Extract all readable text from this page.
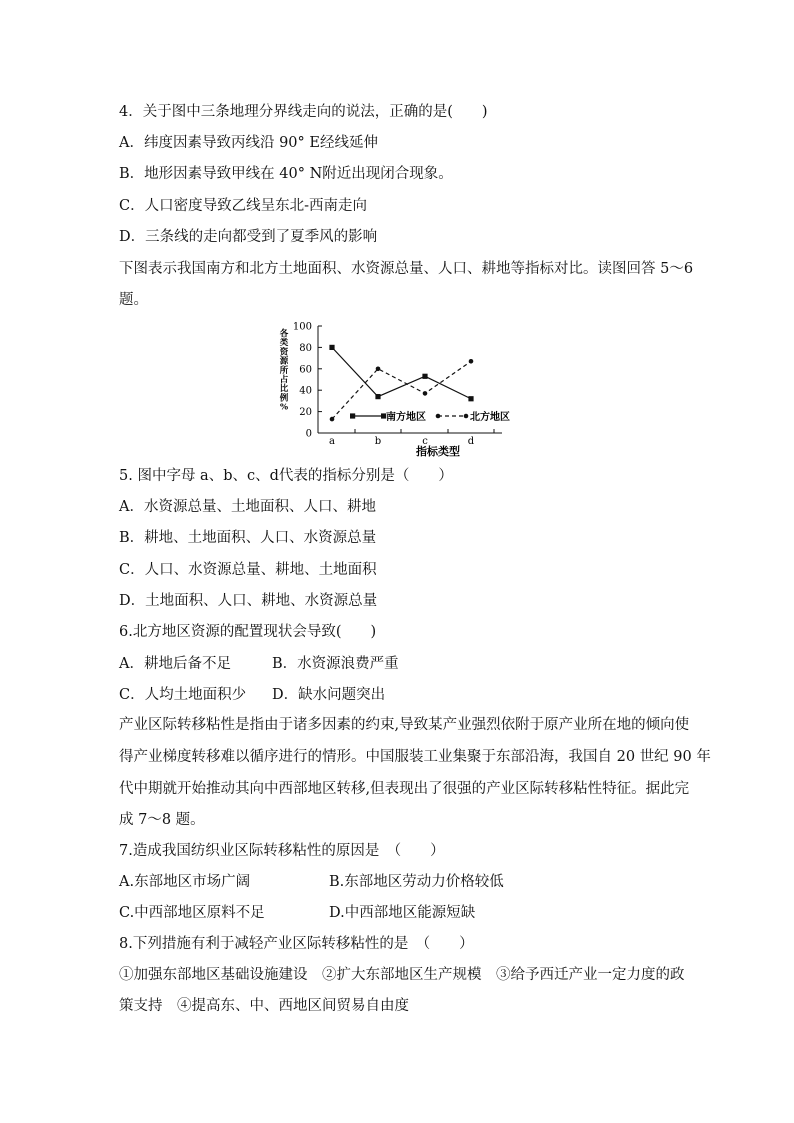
4．关于图中三条地理分界线走向的说法，正确的是(　　)
A．纬度因素导致丙线沿 90° E经线延伸
B．地形因素导致甲线在 40° N附近出现闭合现象。
C．人口密度导致乙线呈东北-西南走向
D．三条线的走向都受到了夏季风的影响
下图表示我国南方和北方土地面积、水资源总量、人口、耕地等指标对比。读图回答 5～6
题。
各
类
资
源
所
占
比
例
%
指标类型
0
20
40
60
80
100
a	b	c	d
南方地区	北方地区
5. 图中字母 a、b、c、d代表的指标分别是（　　）
A．水资源总量、土地面积、人口、耕地
B．耕地、土地面积、人口、水资源总量
C．人口、水资源总量、耕地、土地面积
D．土地面积、人口、耕地、水资源总量
6.北方地区资源的配置现状会导致(　　)
A．耕地后备不足	B．水资源浪费严重
C．人均土地面积少 D．缺水问题突出
产业区际转移粘性是指由于诸多因素的约束,导致某产业强烈依附于原产业所在地的倾向使
得产业梯度转移难以循序进行的情形。中国服装工业集聚于东部沿海，我国自 20 世纪 90 年
代中期就开始推动其向中西部地区转移,但表现出了很强的产业区际转移粘性特征。据此完
成 7～8 题。
7.造成我国纺织业区际转移粘性的原因是　（　　）
A.东部地区市场广阔	B.东部地区劳动力价格较低
C.中西部地区原料不足	D.中西部地区能源短缺
8.下列措施有利于减轻产业区际转移粘性的是　（　　）
①加强东部地区基础设施建设　②扩大东部地区生产规模　③给予西迁产业一定力度的政
策支持　④提高东、中、西地区间贸易自由度
